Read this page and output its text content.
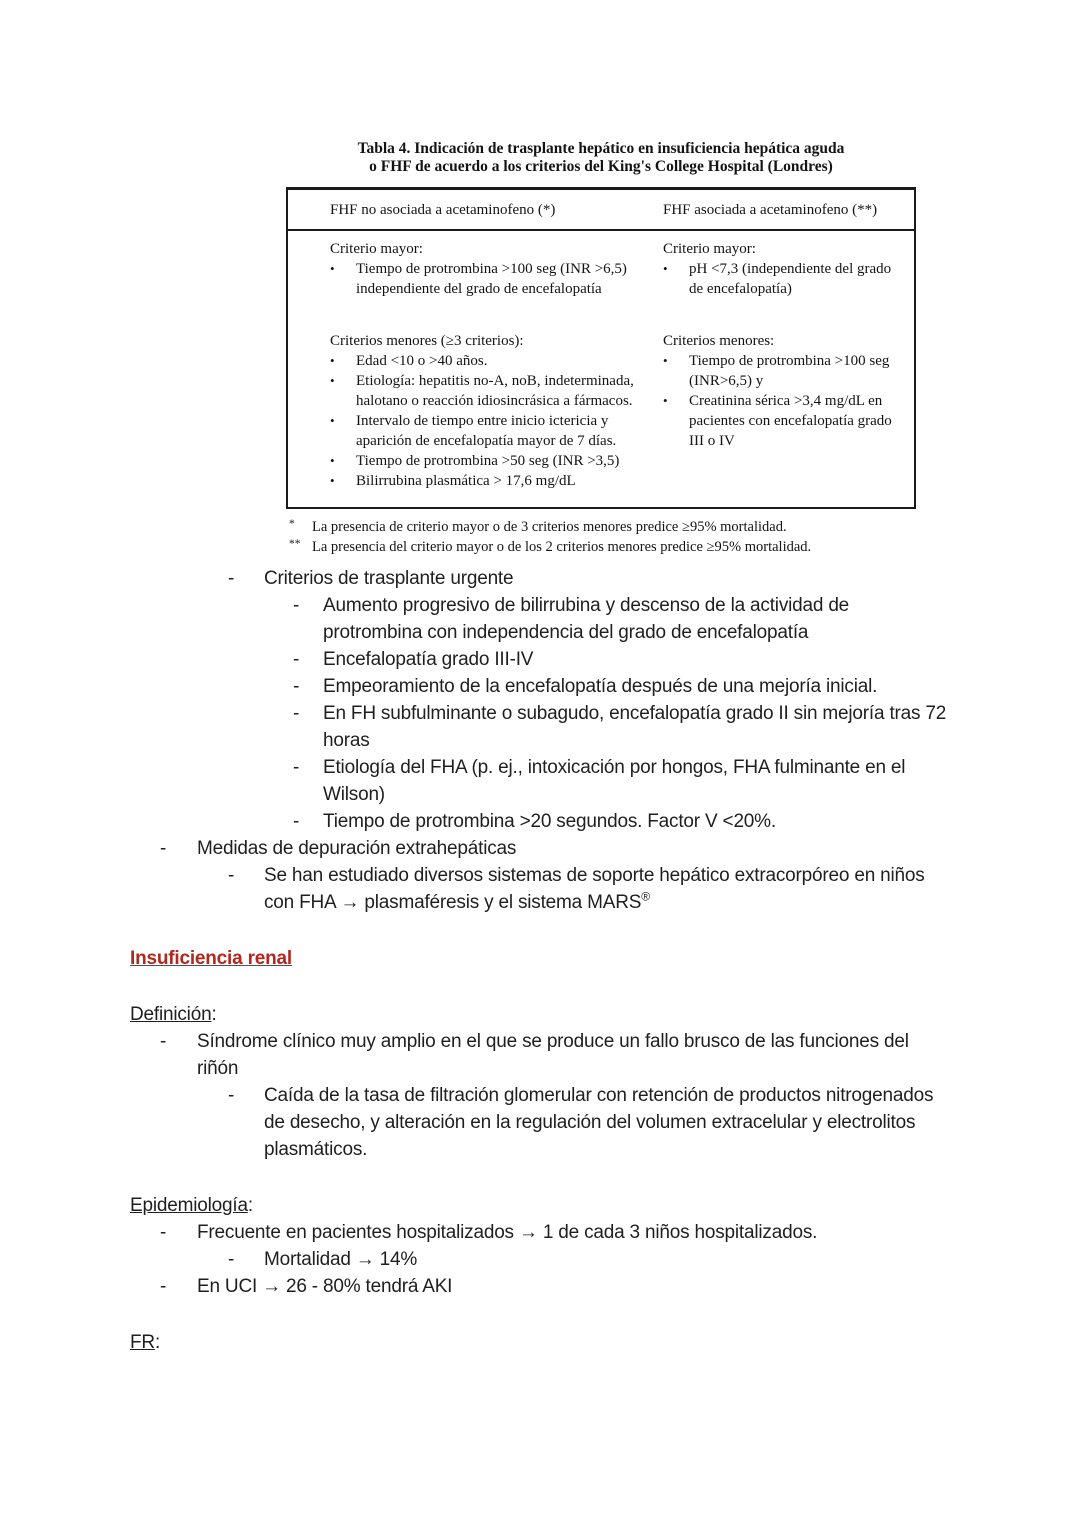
Tabla 4. Indicación de trasplante hepático en insuficiencia hepática aguda
o FHF de acuerdo a los criterios del King's College Hospital (Londres)
FHF no asociada a acetaminofeno (*)	FHF asociada a acetaminofeno (**)
Criterio mayor:
•
Tiempo de protrombina >100 seg (INR >6,5) independiente del grado de encefalopatía
Criterios menores (≥3 criterios):
•
Edad <10 o >40 años.
•
Etiología: hepatitis no-A, noB, indeterminada, halotano o reacción idiosincrásica a fármacos.
•
Intervalo de tiempo entre inicio ictericia y aparición de encefalopatía mayor de 7 días.
•
Tiempo de protrombina >50 seg (INR >3,5)
•
Bilirrubina plasmática > 17,6 mg/dL
Criterio mayor:
•
pH <7,3 (independiente del grado de encefalopatía)
Criterios menores:
•
Tiempo de protrombina >100 seg (INR>6,5) y
•
Creatinina sérica >3,4 mg/dL en pacientes con encefalopatía grado III o IV
*	La presencia de criterio mayor o de 3 criterios menores predice ≥95% mortalidad.
** La presencia del criterio mayor o de los 2 criterios menores predice ≥95% mortalidad.
-
Criterios de trasplante urgente
-
Aumento progresivo de bilirrubina y descenso de la actividad de protrombina con independencia del grado de encefalopatía
-
Encefalopatía grado III-IV
-
Empeoramiento de la encefalopatía después de una mejoría inicial.
-
En FH subfulminante o subagudo, encefalopatía grado II sin mejoría tras 72 horas
-
Etiología del FHA (p. ej., intoxicación por hongos, FHA fulminante en el Wilson)
-
Tiempo de protrombina >20 segundos. Factor V <20%.
-
Medidas de depuración extrahepáticas
-
Se han estudiado diversos sistemas de soporte hepático extracorpóreo en niños con FHA → plasmaféresis y el sistema MARS®
Insuficiencia renal
Definición:
-
Síndrome clínico muy amplio en el que se produce un fallo brusco de las funciones del riñón
-
Caída de la tasa de filtración glomerular con retención de productos nitrogenados de desecho, y alteración en la regulación del volumen extracelular y electrolitos plasmáticos.
Epidemiología:
-
Frecuente en pacientes hospitalizados → 1 de cada 3 niños hospitalizados.
-
Mortalidad → 14%
-
En UCI → 26 - 80% tendrá AKI
FR:
